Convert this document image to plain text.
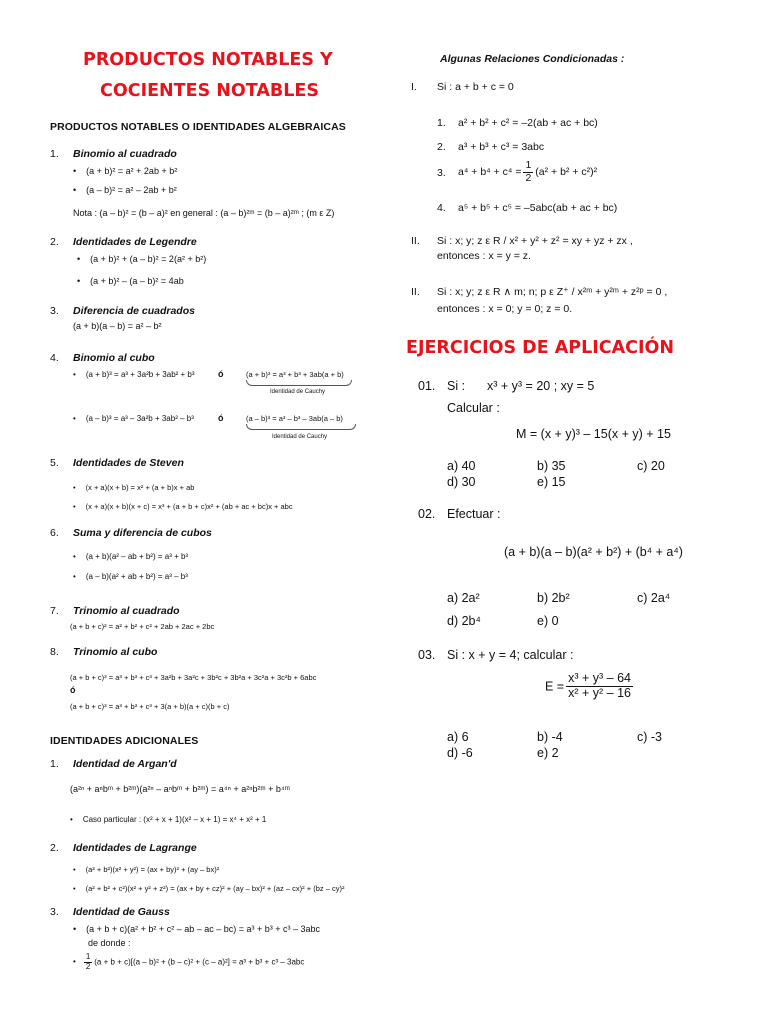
PRODUCTOS NOTABLES Y
COCIENTES NOTABLES
PRODUCTOS NOTABLES O IDENTIDADES ALGEBRAICAS
1. Binomio al cuadrado
• (a + b)² = a² + 2ab + b²
• (a – b)² = a² – 2ab + b²
Nota : (a – b)² = (b – a)² en general : (a – b)²ᵐ = (b – a)²ᵐ ; (m ε Z)
2. Identidades de Legendre
• (a + b)² + (a – b)² = 2(a² + b²)
• (a + b)² – (a – b)² = 4ab
3. Diferencia de cuadrados
(a + b)(a – b) = a² – b²
4. Binomio al cubo
• (a + b)³ = a³ + 3a²b + 3ab² + b³	ó	(a + b)³ = a³ + b³ + 3ab(a + b)
Identidad de Cauchy
• (a – b)³ = a³ – 3a²b + 3ab² – b³	ó	(a – b)³ = a³ – b³ – 3ab(a – b)
Identidad de Cauchy
5. Identidades de Steven
• (x + a)(x + b) = x² + (a + b)x + ab
• (x + a)(x + b)(x + c) = x³ + (a + b + c)x² + (ab + ac + bc)x + abc
6. Suma y diferencia de cubos
• (a + b)(a² – ab + b²) = a³ + b³
• (a – b)(a² + ab + b²) = a³ – b³
7. Trinomio al cuadrado
(a + b + c)² = a² + b² + c² + 2ab + 2ac + 2bc
8. Trinomio al cubo
(a + b + c)³ = a³ + b³ + c³ + 3a²b + 3a²c + 3b²c + 3b²a + 3c²a + 3c²b + 6abc
ó
(a + b + c)³ = a³ + b³ + c³ + 3(a + b)(a + c)(b + c)
IDENTIDADES ADICIONALES
1. Identidad de Argan'd
(a²ⁿ + aⁿbᵐ + b²ᵐ)(a²ⁿ – aⁿbᵐ + b²ᵐ) = a⁴ⁿ + a²ⁿb²ᵐ + b⁴ᵐ
• Caso particular : (x² + x + 1)(x² – x + 1) = x⁴ + x² + 1
2. Identidades de Lagrange
• (a² + b²)(x² + y²) = (ax + by)² + (ay – bx)²
• (a² + b² + c²)(x² + y² + z²) = (ax + by + cz)² + (ay – bx)² + (az – cx)² + (bz – cy)²
3. Identidad de Gauss
• (a + b + c)(a² + b² + c² – ab – ac – bc) = a³ + b³ + c³ – 3abc
de donde :
• $\frac{1}{2} (a + b + c)[(a - b)^2 + (b - c)^2 + (c - a)^2] = a^3 + b^3 + c^3 - 3abc$
Algunas Relaciones Condicionadas :
I. Si : a + b + c = 0
1. a² + b² + c² = –2(ab + ac + bc)
2. a³ + b³ + c³ = 3abc
3. $a^4 + b^4 + c^4 = \frac{1}{2} (a^2 + b^2 + c^2)^2$
4. a⁵ + b⁵ + c⁵ = –5abc(ab + ac + bc)
II. Si : x; y; z ε R / x² + y² + z² = xy + yz + zx ,
entonces : x = y = z.
II. Si : x; y; z ε R ∧ m; n; p ε Z⁺ / x²ᵐ + y²ᵐ + z²ᵖ = 0 ,
entonces : x = 0; y = 0; z = 0.
EJERCICIOS DE APLICACIÓN
01. Si : x³ + y³ = 20 ; xy = 5
Calcular :
M = (x + y)³ – 15(x + y) + 15
a) 40	b) 35	c) 20
d) 30	e) 15
02. Efectuar :
(a + b)(a – b)(a² + b²) + (b⁴ + a⁴)
a) 2a²	b) 2b²	c) 2a⁴
d) 2b⁴	e) 0
03. Si : x + y = 4; calcular :
$E = \frac{\text{x³ + y³ – 64}}{\text{x² + y² – 16}}$
a) 6	b) -4	c) -3
d) -6	e) 2
